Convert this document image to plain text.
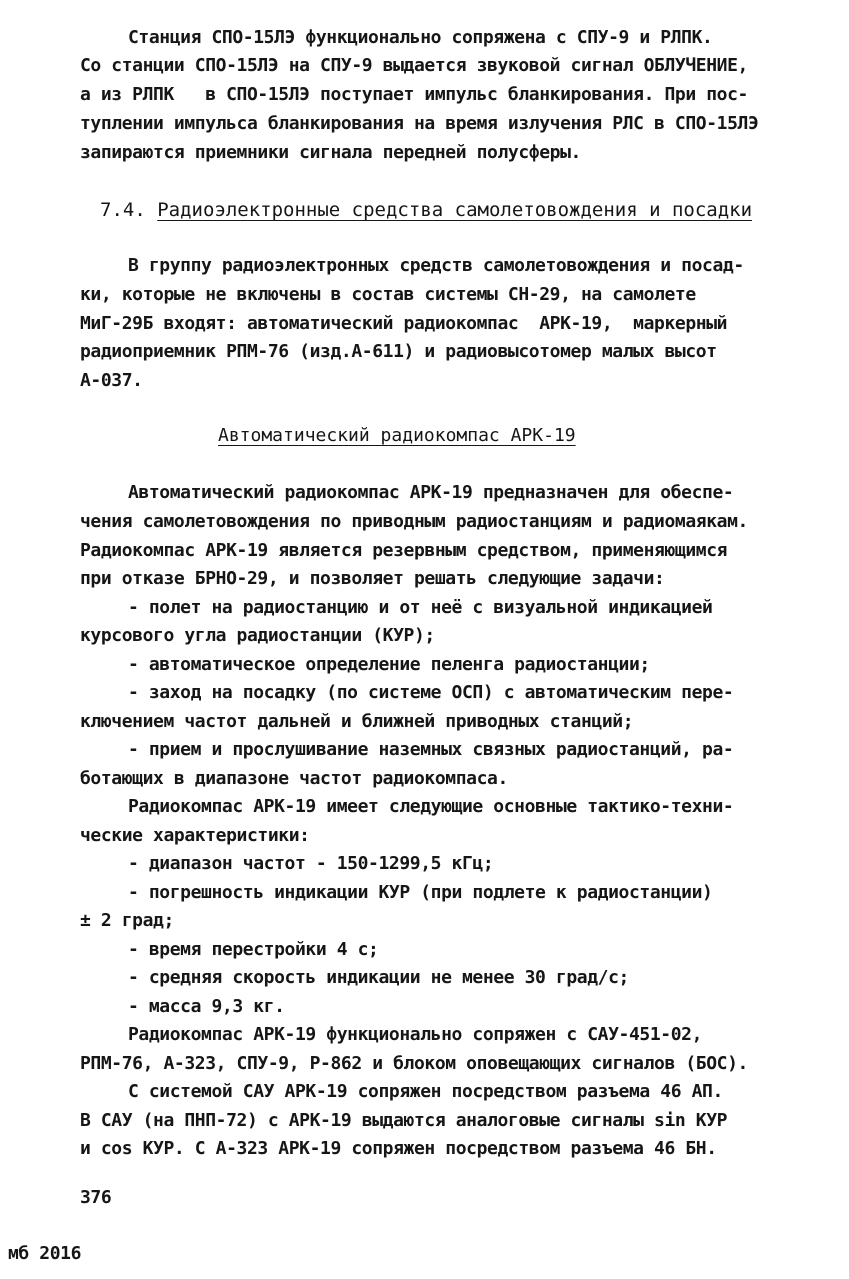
Станция СПО-15ЛЭ функционально сопряжена с СПУ-9 и РЛПК.

Со станции СПО-15ЛЭ на СПУ-9 выдается звуковой сигнал ОБЛУЧЕНИЕ,

а из РЛПК   в СПО-15ЛЭ поступает импульс бланкирования. При пос-

туплении импульса бланкирования на время излучения РЛС в СПО-15ЛЭ

запираются приемники сигнала передней полусферы.

7.4. Радиоэлектронные средства самолетовождения и посадки

В группу радиоэлектронных средств самолетовождения и посад-

ки, которые не включены в состав системы СН-29, на самолете

МиГ-29Б входят: автоматический радиокомпас  АРК-19,  маркерный

радиоприемник РПМ-76 (изд.А-611) и радиовысотомер малых высот

А-037.

Автоматический радиокомпас АРК-19

Автоматический радиокомпас АРК-19 предназначен для обеспе-

чения самолетовождения по приводным радиостанциям и радиомаякам.

Радиокомпас АРК-19 является резервным средством, применяющимся

при отказе БРНО-29, и позволяет решать следующие задачи:

- полет на радиостанцию и от неё с визуальной индикацией

курсового угла радиостанции (КУР);

- автоматическое определение пеленга радиостанции;

- заход на посадку (по системе ОСП) с автоматическим пере-

ключением частот дальней и ближней приводных станций;

- прием и прослушивание наземных связных радиостанций, ра-

ботающих в диапазоне частот радиокомпаса.

Радиокомпас АРК-19 имеет следующие основные тактико-техни-

ческие характеристики:

- диапазон частот - 150-1299,5 кГц;

- погрешность индикации КУР (при подлете к радиостанции)

± 2 град;

- время перестройки 4 с;

- средняя скорость индикации не менее 30 град/с;

- масса 9,3 кг.

Радиокомпас АРК-19 функционально сопряжен с САУ-451-02,

РПМ-76, А-323, СПУ-9, Р-862 и блоком оповещающих сигналов (БОС).

С системой САУ АРК-19 сопряжен посредством разъема 46 АП.

В САУ (на ПНП-72) с АРК-19 выдаются аналоговые сигналы sin КУР

и cos КУР. С А-323 АРК-19 сопряжен посредством разъема 46 БН.

376

мб 2016
